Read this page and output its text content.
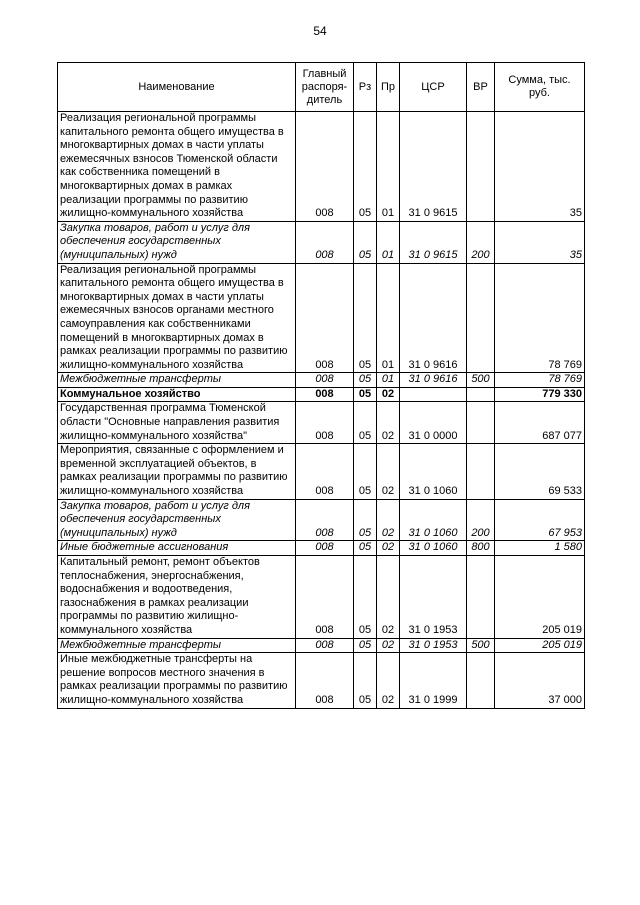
54
Наименование	Главный распоря-дитель	Рз	Пр	ЦСР	ВР	Сумма, тыс. руб.
Реализация региональной программы капитального ремонта общего имущества в многоквартирных домах в части уплаты ежемесячных взносов Тюменской области как собственника помещений в многоквартирных домах в рамках реализации программы по развитию жилищно-коммунального хозяйства	008	05	01	31 0 9615		35
Закупка товаров, работ и услуг для обеспечения государственных (муниципальных) нужд	008	05	01	31 0 9615	200	35
Реализация региональной программы капитального ремонта общего имущества в многоквартирных домах в части уплаты ежемесячных взносов органами местного самоуправления как собственниками помещений в многоквартирных домах в рамках реализации программы по развитию жилищно-коммунального хозяйства	008	05	01	31 0 9616		78 769
Межбюджетные трансферты	008	05	01	31 0 9616	500	78 769
Коммунальное хозяйство	008	05	02			779 330
Государственная программа Тюменской области "Основные направления развития жилищно-коммунального хозяйства"	008	05	02	31 0 0000		687 077
Мероприятия, связанные с оформлением и временной эксплуатацией объектов, в рамках реализации программы по развитию жилищно-коммунального хозяйства	008	05	02	31 0 1060		69 533
Закупка товаров, работ и услуг для обеспечения государственных (муниципальных) нужд	008	05	02	31 0 1060	200	67 953
Иные бюджетные ассигнования	008	05	02	31 0 1060	800	1 580
Капитальный ремонт, ремонт объектов теплоснабжения, энергоснабжения, водоснабжения и водоотведения, газоснабжения в рамках реализации программы по развитию жилищно-коммунального хозяйства	008	05	02	31 0 1953		205 019
Межбюджетные трансферты	008	05	02	31 0 1953	500	205 019
Иные межбюджетные трансферты на решение вопросов местного значения в рамках реализации программы по развитию жилищно-коммунального хозяйства	008	05	02	31 0 1999		37 000
